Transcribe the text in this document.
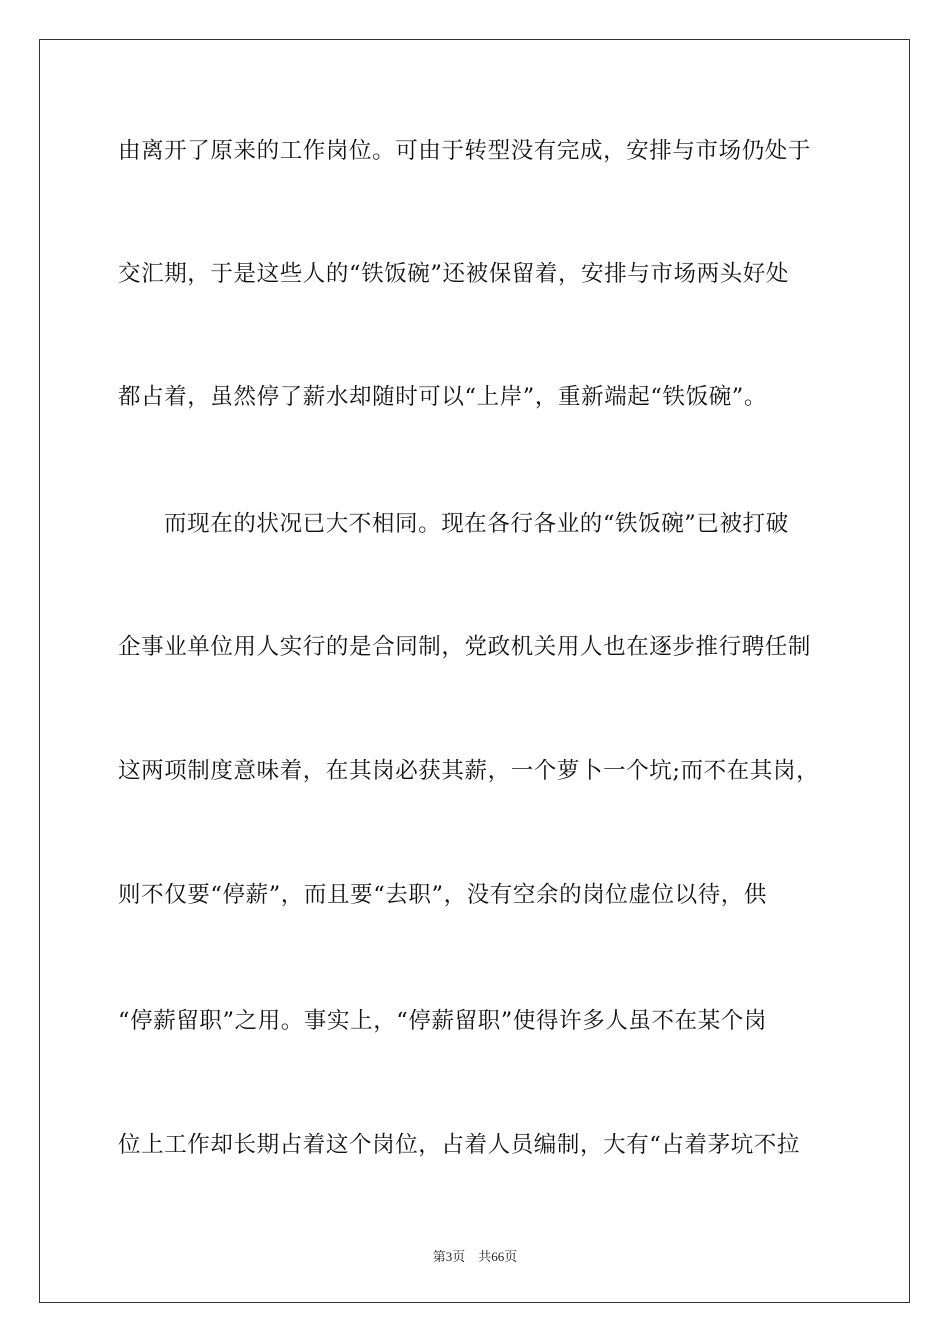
由离开了原来的工作岗位。可由于转型没有完成，安排与市场仍处于
交汇期，于是这些人的“铁饭碗”还被保留着，安排与市场两头好处
都占着，虽然停了薪水却随时可以“上岸”，重新端起“铁饭碗”。
而现在的状况已大不相同。现在各行各业的“铁饭碗”已被打破
企事业单位用人实行的是合同制，党政机关用人也在逐步推行聘任制
这两项制度意味着，在其岗必获其薪，一个萝卜一个坑;而不在其岗，
则不仅要“停薪”，而且要“去职”，没有空余的岗位虚位以待，供
“停薪留职”之用。事实上，“停薪留职”使得许多人虽不在某个岗
位上工作却长期占着这个岗位，占着人员编制，大有“占着茅坑不拉
第3页　共66页
